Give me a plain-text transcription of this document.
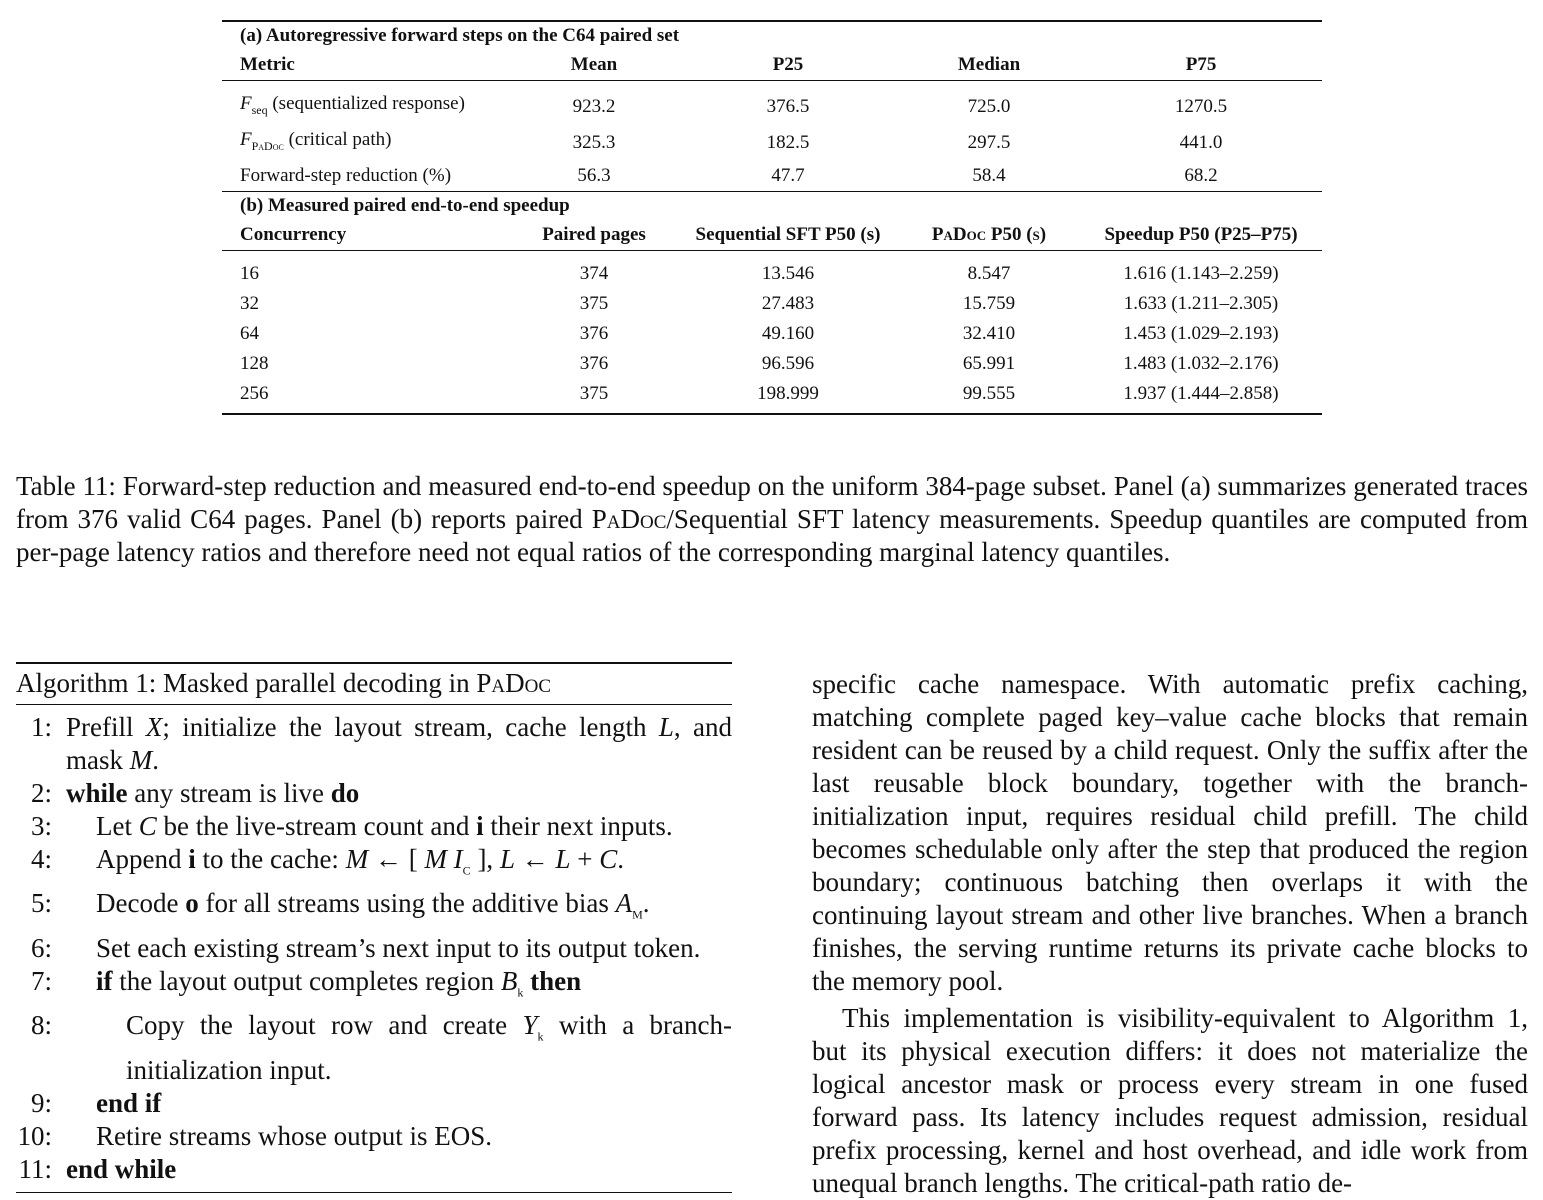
(a) Autoregressive forward steps on the C64 paired set
Metric	Mean	P25	Median	P75

$F_{seq}$ (sequentialized response)	923.2	376.5	725.0	1270.5
$F_{PaDoc}$ (critical path)	325.3	182.5	297.5	441.0
Forward-step reduction (%)	56.3	47.7	58.4	68.2
(b) Measured paired end-to-end speedup
Concurrency	Paired pages	Sequential SFT P50 (s)	PaDoc P50 (s)	Speedup P50 (P25–P75)

16	374	13.546	8.547	1.616 (1.143–2.259)
32	375	27.483	15.759	1.633 (1.211–2.305)
64	376	49.160	32.410	1.453 (1.029–2.193)
128	376	96.596	65.991	1.483 (1.032–2.176)
256	375	198.999	99.555	1.937 (1.444–2.858)
Table 11: Forward-step reduction and measured end-to-end speedup on the uniform 384-page subset. Panel (a) summarizes generated traces from 376 valid C64 pages. Panel (b) reports paired PaDoc/Sequential SFT latency measurements. Speedup quantiles are computed from per-page latency ratios and therefore need not equal ratios of the corresponding marginal latency quantiles.
Algorithm 1: Masked parallel decoding in PaDoc
1: Prefill X; initialize the layout stream, cache length L, and mask M.
2: while any stream is live do
3:	Let C be the live-stream count and i their next inputs.
4:	Append i to the cache: M ← [ M $I_C$ ], L ← L + C.
5:	Decode o for all streams using the additive bias $A_M$.
6:	Set each existing stream’s next input to its output token.
7:	if the layout output completes region $B_k$ then
8:	Copy the layout row and create $Y_k$ with a branch-initialization input.
9:	end if
10:	Retire streams whose output is EOS.
11: end while

specific cache namespace. With automatic prefix caching, matching complete paged key–value cache blocks that remain resident can be reused by a child request. Only the suffix after the last reusable block boundary, together with the branch-initialization input, requires residual child prefill. The child becomes schedulable only after the step that produced the region boundary; continuous batching then overlaps it with the continuing layout stream and other live branches. When a branch finishes, the serving runtime returns its private cache blocks to the memory pool.

This implementation is visibility-equivalent to Algorithm 1, but its physical execution differs: it does not materialize the logical ancestor mask or process every stream in one fused forward pass. Its latency includes request admission, residual prefix processing, kernel and host overhead, and idle work from unequal branch lengths. The critical-path ratio de-
